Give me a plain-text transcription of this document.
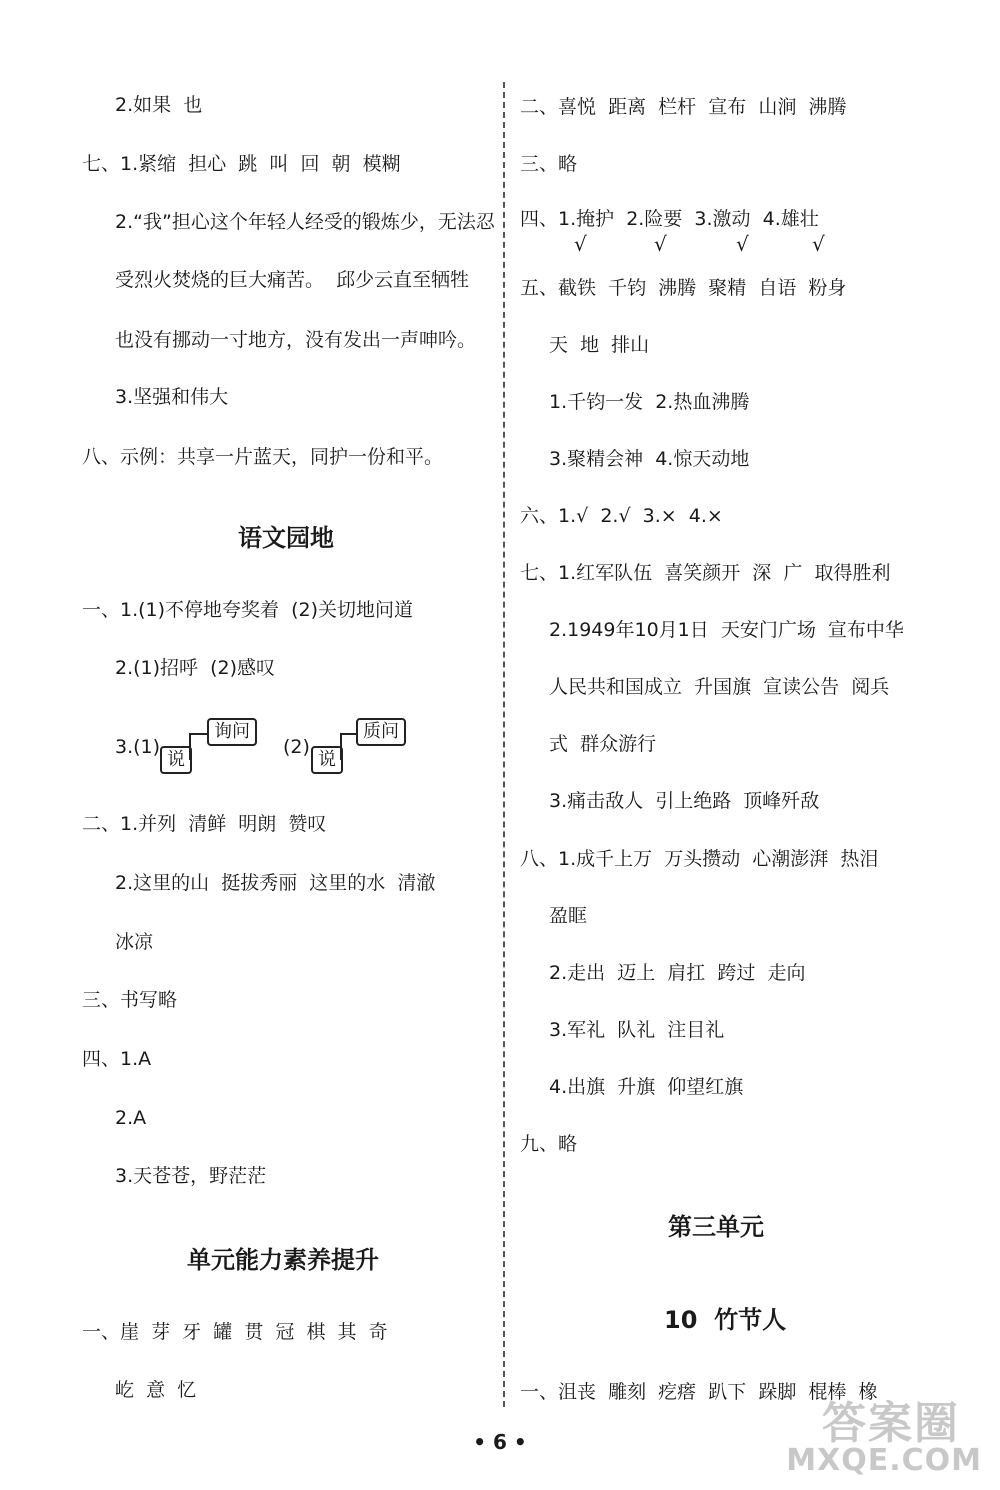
2.如果  也
七、1.紧缩  担心  跳  叫  回  朝  模糊
2.“我”担心这个年轻人经受的锻炼少，无法忍
受烈火焚烧的巨大痛苦。  邱少云直至牺牲
也没有挪动一寸地方，没有发出一声呻吟。
3.坚强和伟大
八、示例：共享一片蓝天，同护一份和平。
语文园地
一、1.(1)不停地夸奖着  (2)关切地问道
2.(1)招呼  (2)感叹
3.(1)
说
询问
(2)
说
质问
二、1.并列  清鲜  明朗  赞叹
2.这里的山  挺拔秀丽  这里的水  清澈
冰凉
三、书写略
四、1.A
2.A
3.天苍苍，野茫茫
单元能力素养提升
一、崖  芽  牙  罐  贯  冠  棋  其  奇
屹  意  忆
二、喜悦  距离  栏杆  宣布  山涧  沸腾
三、略
四、1.掩护  2.险要  3.激动  4.雄壮
√	√	√	√
五、截铁  千钧  沸腾  聚精  自语  粉身
天  地  排山
1.千钧一发  2.热血沸腾
3.聚精会神  4.惊天动地
六、1.√  2.√  3.×  4.×
七、1.红军队伍  喜笑颜开  深  广  取得胜利
2.1949年10月1日  天安门广场  宣布中华
人民共和国成立  升国旗  宣读公告  阅兵
式  群众游行
3.痛击敌人  引上绝路  顶峰歼敌
八、1.成千上万  万头攒动  心潮澎湃  热泪
盈眶
2.走出  迈上  肩扛  跨过  走向
3.军礼  队礼  注目礼
4.出旗  升旗  仰望红旗
九、略
第三单元
10  竹节人
一、沮丧  雕刻  疙瘩  趴下  跺脚  棍棒  橡
• 6 •	答案圈
MXQE.COM
